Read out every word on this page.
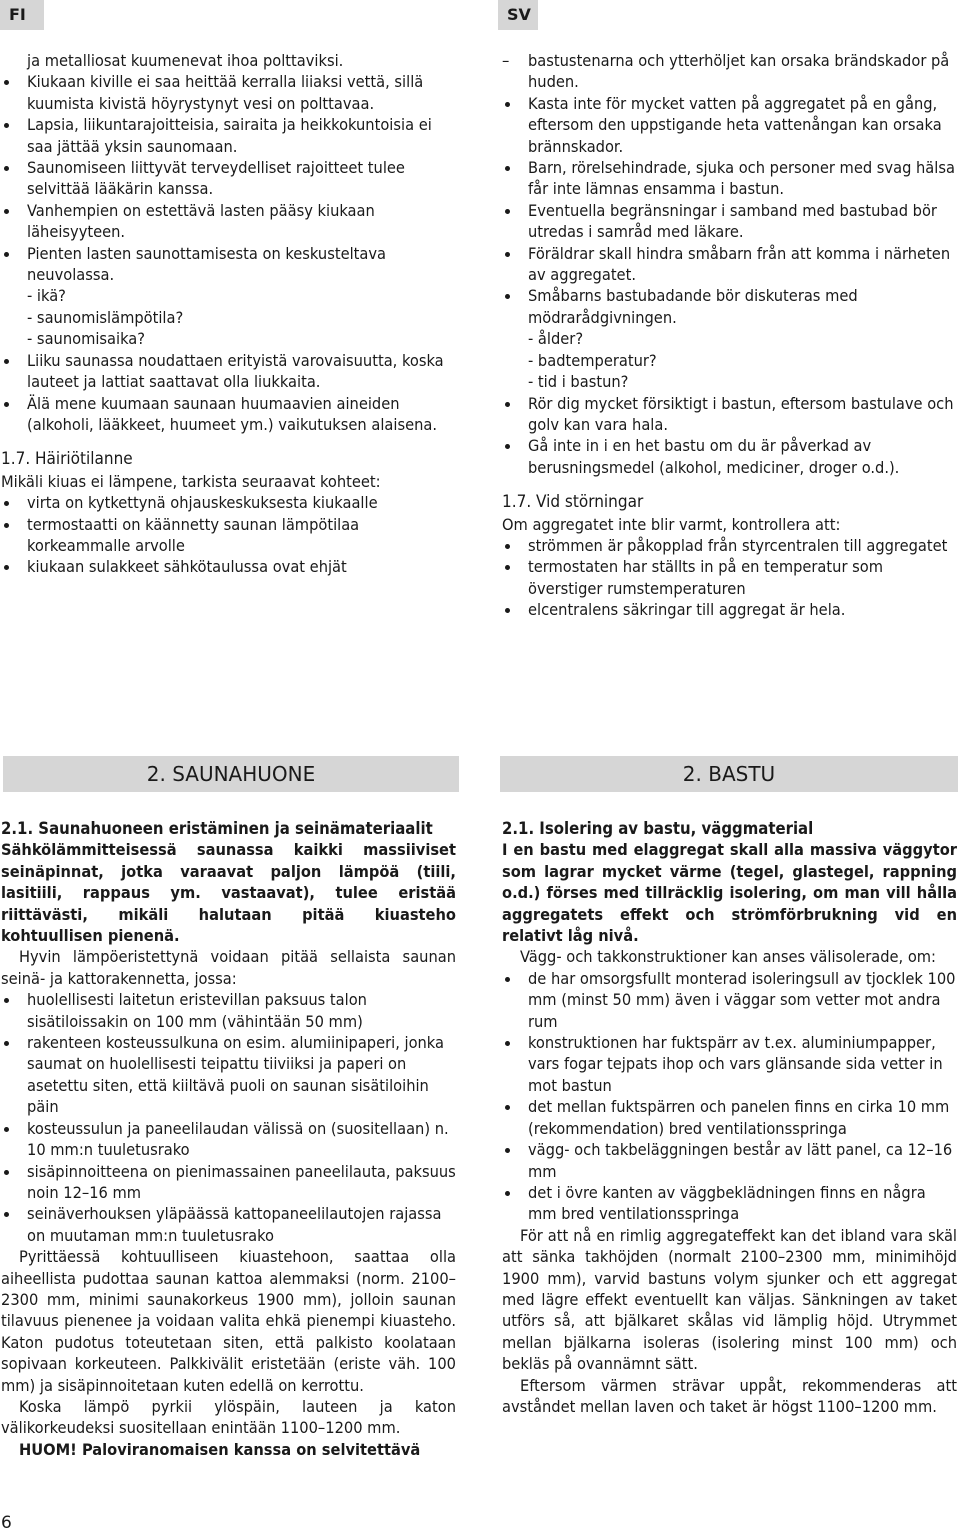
FI	SV
ja metalliosat kuumenevat ihoa polttaviksi.
Kiukaan kiville ei saa heittää kerralla liiaksi vettä, sillä kuumista kivistä höyrystynyt vesi on polttavaa.
Lapsia, liikuntarajoitteisia, sairaita ja heikkokuntoisia ei saa jättää yksin saunomaan.
Saunomiseen liittyvät terveydelliset rajoitteet tulee selvittää lääkärin kanssa.
Vanhempien on estettävä lasten pääsy kiukaan läheisyyteen.
Pienten lasten saunottamisesta on keskusteltava neuvolassa.
- ikä?
- saunomislämpötila?
- saunomisaika?
Liiku saunassa noudattaen erityistä varovaisuutta, koska lauteet ja lattiat saattavat olla liukkaita.
Älä mene kuumaan saunaan huumaavien aineiden (alkoholi, lääkkeet, huumeet ym.) vaikutuksen alaisena.
1.7. Häiriötilanne
Mikäli kiuas ei lämpene, tarkista seuraavat kohteet:
virta on kytkettynä ohjauskeskuksesta kiukaalle
termostaatti on käännetty saunan lämpötilaa korkeammalle arvolle
kiukaan sulakkeet sähkötaulussa ovat ehjät
– bastustenarna och ytterhöljet kan orsaka brändskador på huden.
Kasta inte för mycket vatten på aggregatet på en gång, eftersom den uppstigande heta vattenångan kan orsaka brännskador.
Barn, rörelsehindrade, sjuka och personer med svag hälsa får inte lämnas ensamma i bastun.
Eventuella begränsningar i samband med bastubad bör utredas i samråd med läkare.
Föräldrar skall hindra småbarn från att komma i närheten av aggregatet.
Småbarns bastubadande bör diskuteras med mödrarådgivningen.
- ålder?
- badtemperatur?
- tid i bastun?
Rör dig mycket försiktigt i bastun, eftersom bastulave och golv kan vara hala.
Gå inte in i en het bastu om du är påverkad av berusningsmedel (alkohol, mediciner, droger o.d.).
1.7. Vid störningar
Om aggregatet inte blir varmt, kontrollera att:
strömmen är påkopplad från styrcentralen till aggregatet
termostaten har ställts in på en temperatur som överstiger rumstemperaturen
elcentralens säkringar till aggregat är hela.
2. SAUNAHUONE	2. BASTU
2.1. Saunahuoneen eristäminen ja seinämateriaalit
Sähkölämmitteisessä saunassa kaikki massiiviset seinäpinnat, jotka varaavat paljon lämpöä (tiili, lasitiili, rappaus ym. vastaavat), tulee eristää riittävästi, mikäli halutaan pitää kiuasteho kohtuullisen pienenä.
Hyvin lämpöeristettynä voidaan pitää sellaista saunan seinä- ja kattorakennetta, jossa:
huolellisesti laitetun eristevillan paksuus talon sisätiloissakin on 100 mm (vähintään 50 mm)
rakenteen kosteussulkuna on esim. alumiinipaperi, jonka saumat on huolellisesti teipattu tiiviiksi ja paperi on asetettu siten, että kiiltävä puoli on saunan sisätiloihin päin
kosteussulun ja paneelilaudan välissä on (suositellaan) n. 10 mm:n tuuletusrako
sisäpinnoitteena on pienimassainen paneelilauta, paksuus noin 12–16 mm
seinäverhouksen yläpäässä kattopaneelilautojen rajassa on muutaman mm:n tuuletusrako
Pyrittäessä kohtuulliseen kiuastehoon, saattaa olla aiheellista pudottaa saunan kattoa alemmaksi (norm. 2100–2300 mm, minimi saunakorkeus 1900 mm), jolloin saunan tilavuus pienenee ja voidaan valita ehkä pienempi kiuasteho. Katon pudotus toteutetaan siten, että palkisto koolataan sopivaan korkeuteen. Palkkivälit eristetään (eriste väh. 100 mm) ja sisäpinnoitetaan kuten edellä on kerrottu.
Koska lämpö pyrkii ylöspäin, lauteen ja katon välikorkeudeksi suositellaan enintään 1100–1200 mm.
HUOM! Paloviranomaisen kanssa on selvitettävä
2.1. Isolering av bastu, väggmaterial
I en bastu med elaggregat skall alla massiva väggytor som lagrar mycket värme (tegel, glastegel, rappning o.d.) förses med tillräcklig isolering, om man vill hålla aggregatets effekt och strömförbrukning vid en relativt låg nivå.
Vägg- och takkonstruktioner kan anses välisolerade, om:
de har omsorgsfullt monterad isoleringsull av tjocklek 100 mm (minst 50 mm) även i väggar som vetter mot andra rum
konstruktionen har fuktspärr av t.ex. aluminiumpapper, vars fogar tejpats ihop och vars glänsande sida vetter in mot bastun
det mellan fuktspärren och panelen finns en cirka 10 mm (rekommendation) bred ventilationsspringa
vägg- och takbeläggningen består av lätt panel, ca 12–16 mm
det i övre kanten av väggbeklädningen finns en några mm bred ventilationsspringa
För att nå en rimlig aggregateffekt kan det ibland vara skäl att sänka takhöjden (normalt 2100–2300 mm, minimihöjd 1900 mm), varvid bastuns volym sjunker och ett aggregat med lägre effekt eventuellt kan väljas. Sänkningen av taket utförs så, att bjälkaret skålas vid lämplig höjd. Utrymmet mellan bjälkarna isoleras (isolering minst 100 mm) och bekläs på ovannämnt sätt.
Eftersom värmen strävar uppåt, rekommenderas att avståndet mellan laven och taket är högst 1100–1200 mm.
6
